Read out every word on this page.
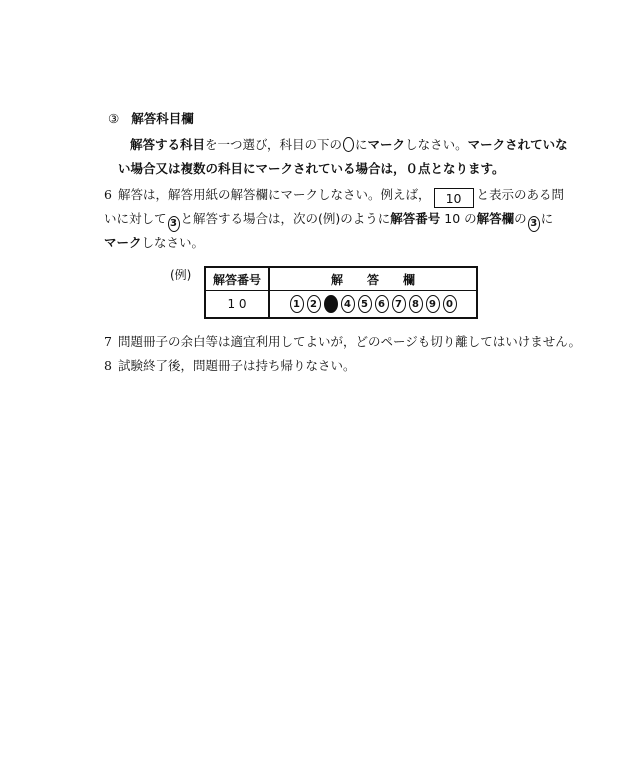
③ 解答科目欄
解答する科目を一つ選び，科目の下の にマークしなさい。マークされていな
い場合又は複数の科目にマークされている場合は，０点となります。
6 解答は，解答用紙の解答欄にマークしなさい。例えば， 10 と表示のある問
いに対して 3 と解答する場合は，次の(例)のように解答番号 10 の解答欄の 3 に
マークしなさい。
(例) 解答番号	解　　答　　欄
1 0	1 2 3 4 5 6 7 8 9 0
7 問題冊子の余白等は適宜利用してよいが，どのページも切り離してはいけません。
8 試験終了後，問題冊子は持ち帰りなさい。
